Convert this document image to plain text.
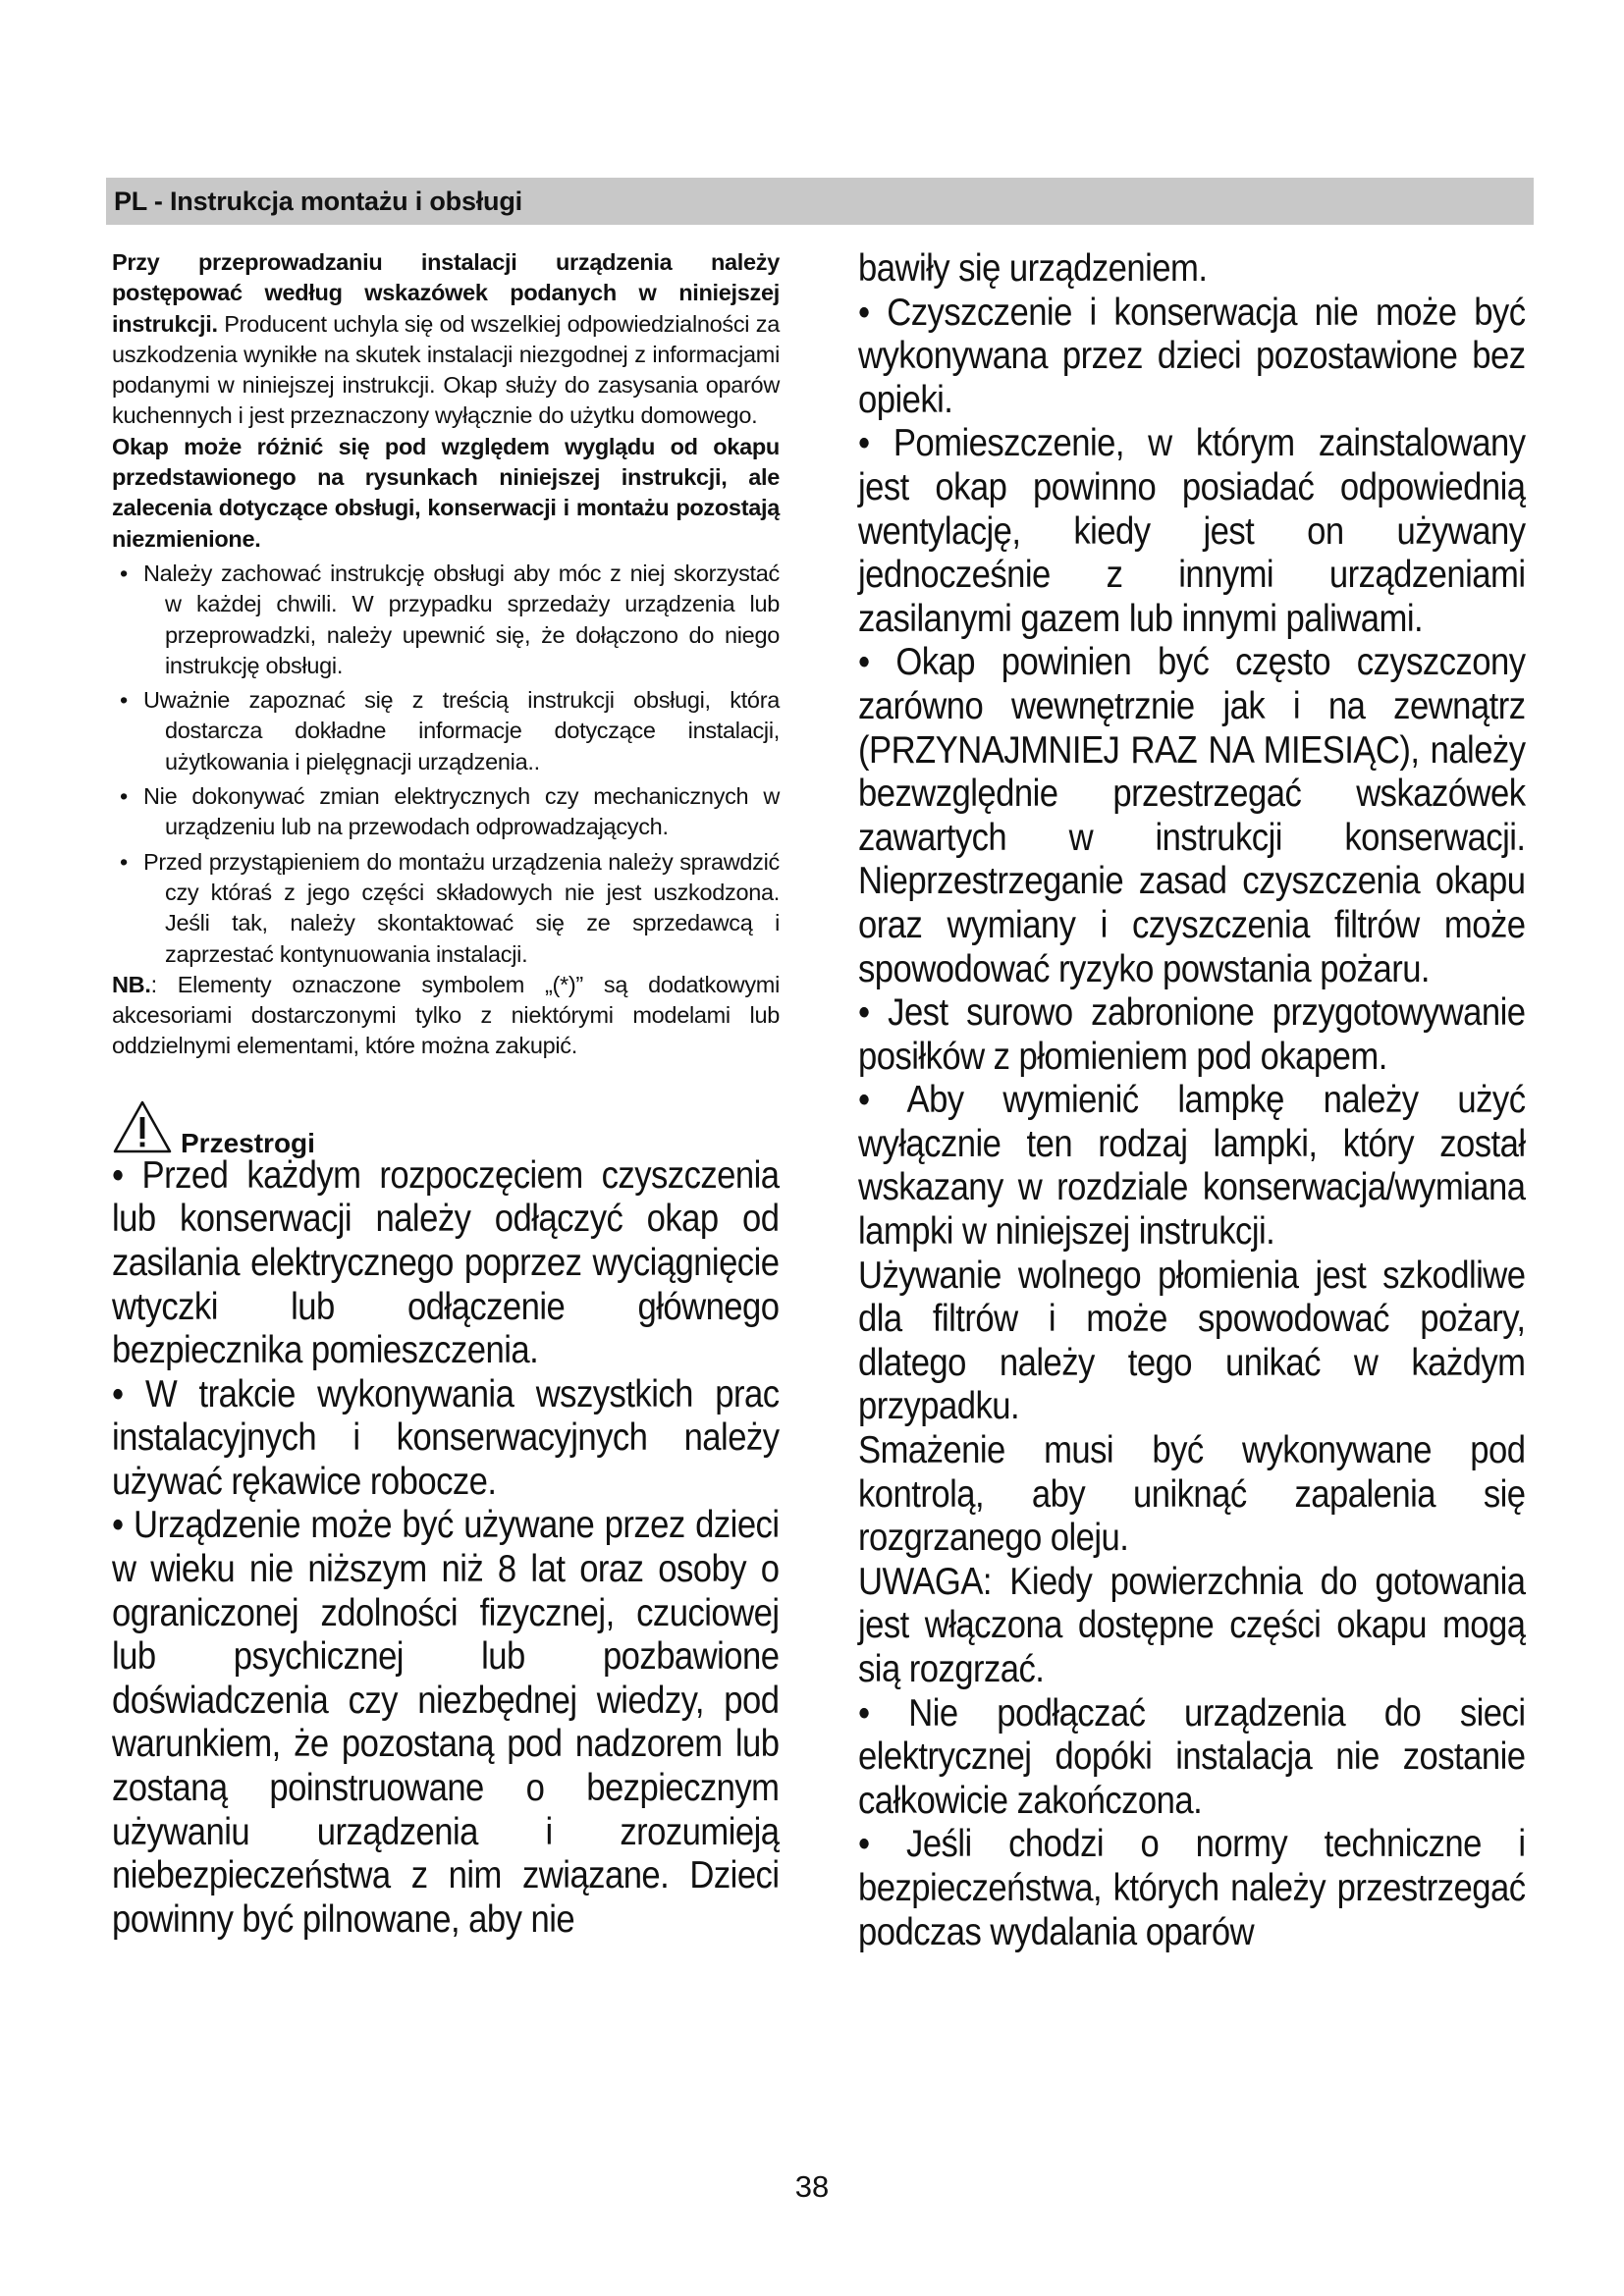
PL - Instrukcja montażu i obsługi

Przy przeprowadzaniu instalacji urządzenia należy postępować według wskazówek podanych w niniejszej instrukcji. Producent uchyla się od wszelkiej odpowiedzialności za uszkodzenia wynikłe na skutek instalacji niezgodnej z informacjami podanymi w niniejszej instrukcji. Okap służy do zasysania oparów kuchennych i jest przeznaczony wyłącznie do użytku domowego.

Okap może różnić się pod względem wyglądu od okapu przedstawionego na rysunkach niniejszej instrukcji, ale zalecenia dotyczące obsługi, konserwacji i montażu pozostają niezmienione.

• Należy zachować instrukcję obsługi aby móc z niej skorzystać w każdej chwili. W przypadku sprzedaży urządzenia lub przeprowadzki, należy upewnić się, że dołączono do niego instrukcję obsługi.

• Uważnie zapoznać się z treścią instrukcji obsługi, która dostarcza dokładne informacje dotyczące instalacji, użytkowania i pielęgnacji urządzenia..

• Nie dokonywać zmian elektrycznych czy mechanicznych w urządzeniu lub na przewodach odprowadzających.

• Przed przystąpieniem do montażu urządzenia należy sprawdzić czy któraś z jego części składowych nie jest uszkodzona. Jeśli tak, należy skontaktować się ze sprzedawcą i zaprzestać kontynuowania instalacji.

NB.: Elementy oznaczone symbolem „(*)” są dodatkowymi akcesoriami dostarczonymi tylko z niektórymi modelami lub oddzielnymi elementami, które można zakupić.

Przestrogi

• Przed każdym rozpoczęciem czyszczenia lub konserwacji należy odłączyć okap od zasilania elektrycznego poprzez wyciągnięcie wtyczki lub odłączenie głównego bezpiecznika pomieszczenia.

• W trakcie wykonywania wszystkich prac instalacyjnych i konserwacyjnych należy używać rękawice robocze.

• Urządzenie może być używane przez dzieci w wieku nie niższym niż 8 lat oraz osoby o ograniczonej zdolności fizycznej, czuciowej lub psychicznej lub pozbawione doświadczenia czy niezbędnej wiedzy, pod warunkiem, że pozostaną pod nadzorem lub zostaną poinstruowane o bezpiecznym używaniu urządzenia i zrozumieją niebezpieczeństwa z nim związane. Dzieci powinny być pilnowane, aby nie

bawiły się urządzeniem.

• Czyszczenie i konserwacja nie może być wykonywana przez dzieci pozostawione bez opieki.

• Pomieszczenie, w którym zainstalowany jest okap powinno posiadać odpowiednią wentylację, kiedy jest on używany jednocześnie z innymi urządzeniami zasilanymi gazem lub innymi paliwami.

• Okap powinien być często czyszczony zarówno wewnętrznie jak i na zewnątrz (PRZYNAJMNIEJ RAZ NA MIESIĄC), należy bezwzględnie przestrzegać wskazówek zawartych w instrukcji konserwacji. Nieprzestrzeganie zasad czyszczenia okapu oraz wymiany i czyszczenia filtrów może spowodować ryzyko powstania pożaru.

• Jest surowo zabronione przygotowywanie posiłków z płomieniem pod okapem.

• Aby wymienić lampkę należy użyć wyłącznie ten rodzaj lampki, który został wskazany w rozdziale konserwacja/wymiana lampki w niniejszej instrukcji.

Używanie wolnego płomienia jest szkodliwe dla filtrów i może spowodować pożary, dlatego należy tego unikać w każdym przypadku.

Smażenie musi być wykonywane pod kontrolą, aby uniknąć zapalenia się rozgrzanego oleju.

UWAGA: Kiedy powierzchnia do gotowania jest włączona dostępne części okapu mogą sią rozgrzać.

• Nie podłączać urządzenia do sieci elektrycznej dopóki instalacja nie zostanie całkowicie zakończona.

• Jeśli chodzi o normy techniczne i bezpieczeństwa, których należy przestrzegać podczas wydalania oparów

38
